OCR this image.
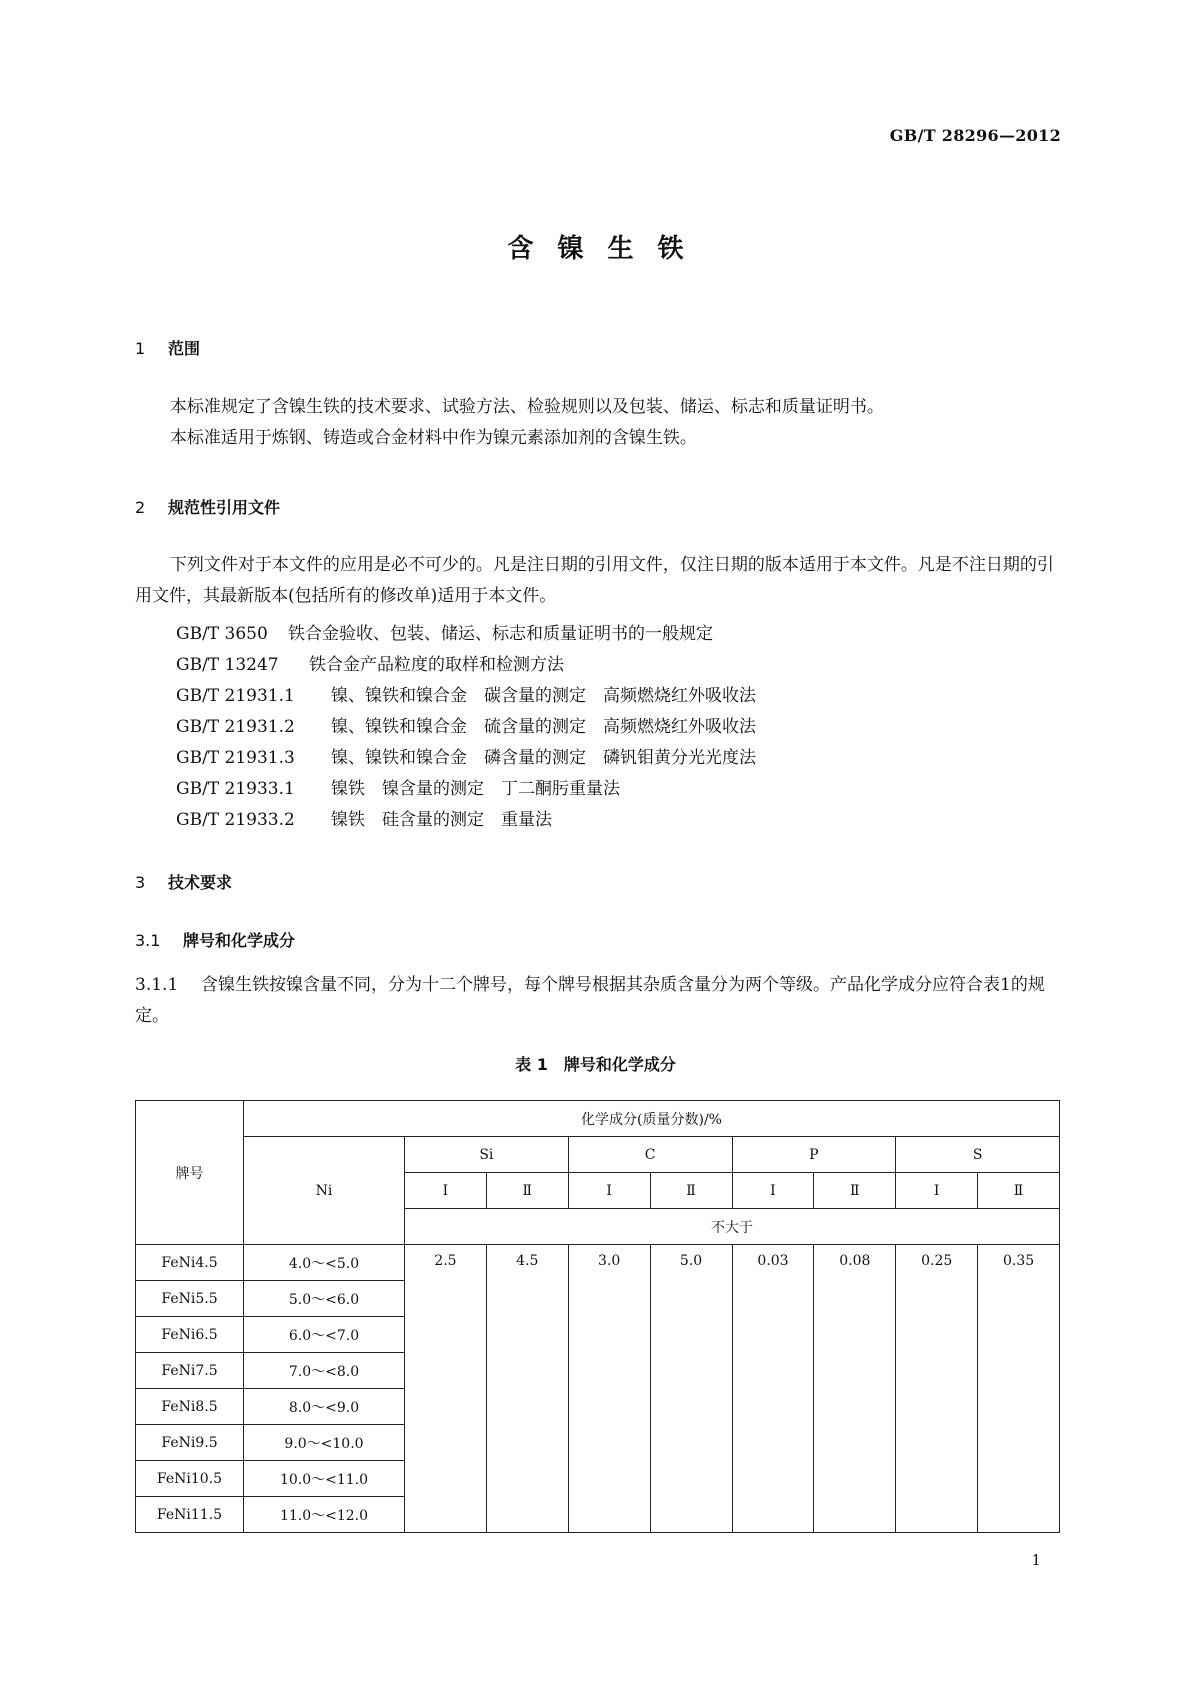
GB/T 28296—2012
含镍生铁
1 范围
本标准规定了含镍生铁的技术要求、试验方法、检验规则以及包装、储运、标志和质量证明书。
本标准适用于炼钢、铸造或合金材料中作为镍元素添加剂的含镍生铁。
2 规范性引用文件
下列文件对于本文件的应用是必不可少的。凡是注日期的引用文件，仅注日期的版本适用于本文件。凡是不注日期的引用文件，其最新版本(包括所有的修改单)适用于本文件。
GB/T 3650 铁合金验收、包装、储运、标志和质量证明书的一般规定
GB/T 13247 铁合金产品粒度的取样和检测方法
GB/T 21931.1 镍、镍铁和镍合金　碳含量的测定　高频燃烧红外吸收法
GB/T 21931.2 镍、镍铁和镍合金　硫含量的测定　高频燃烧红外吸收法
GB/T 21931.3 镍、镍铁和镍合金　磷含量的测定　磷钒钼黄分光光度法
GB/T 21933.1 镍铁　镍含量的测定　丁二酮肟重量法
GB/T 21933.2 镍铁　硅含量的测定　重量法
3 技术要求
3.1 牌号和化学成分
3.1.1 含镍生铁按镍含量不同，分为十二个牌号，每个牌号根据其杂质含量分为两个等级。产品化学成分应符合表1的规定。
表 1　牌号和化学成分
牌号	化学成分(质量分数)/%								
	Ni	Si		C		P		S	
		Ⅰ	Ⅱ	Ⅰ	Ⅱ	Ⅰ	Ⅱ	Ⅰ	Ⅱ
		不大于							
FeNi4.5	4.0～<5.0	2.5	4.5	3.0	5.0	0.03	0.08	0.25	0.35
FeNi5.5	5.0～<6.0								
FeNi6.5	6.0～<7.0								
FeNi7.5	7.0～<8.0								
FeNi8.5	8.0～<9.0								
FeNi9.5	9.0～<10.0								
FeNi10.5	10.0～<11.0								
FeNi11.5	11.0～<12.0								
1
